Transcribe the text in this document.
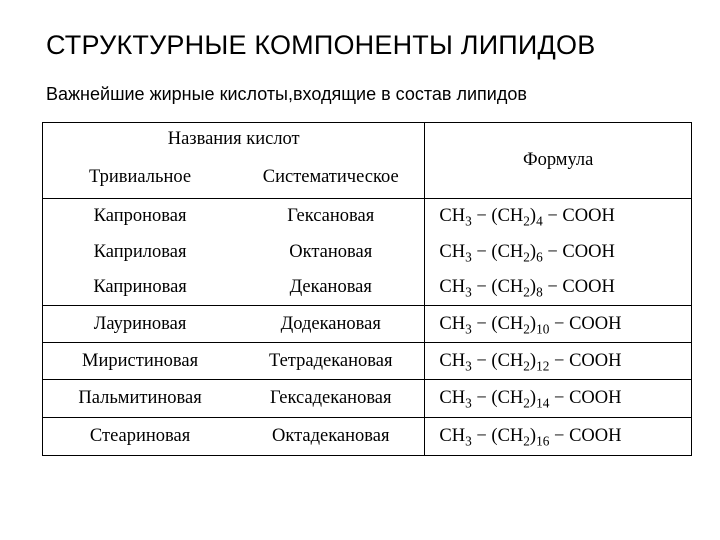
СТРУКТУРНЫЕ КОМПОНЕНТЫ ЛИПИДОВ
Важнейшие жирные кислоты,входящие в состав липидов
Названия кислот		Формула
Тривиальное	Систематическое	
Капроновая	Гексановая	$CH_3 - (CH_2)_4$ − COOH
Каприловая	Октановая	$CH_3 - (CH_2)_6$ − COOH
Каприновая	Декановая	$CH_3 - (CH_2)_8$ − COOH
Лауриновая	Додекановая	$CH_3 - (CH_2)_{10}$ − COOH
Миристиновая	Тетрадекановая	$CH_3 - (CH_2)_{12}$ − COOH
Пальмитиновая	Гексадекановая	$CH_3 - (CH_2)_{14}$ − COOH
Стеариновая	Октадекановая	$CH_3 - (CH_2)_{16}$ − COOH
